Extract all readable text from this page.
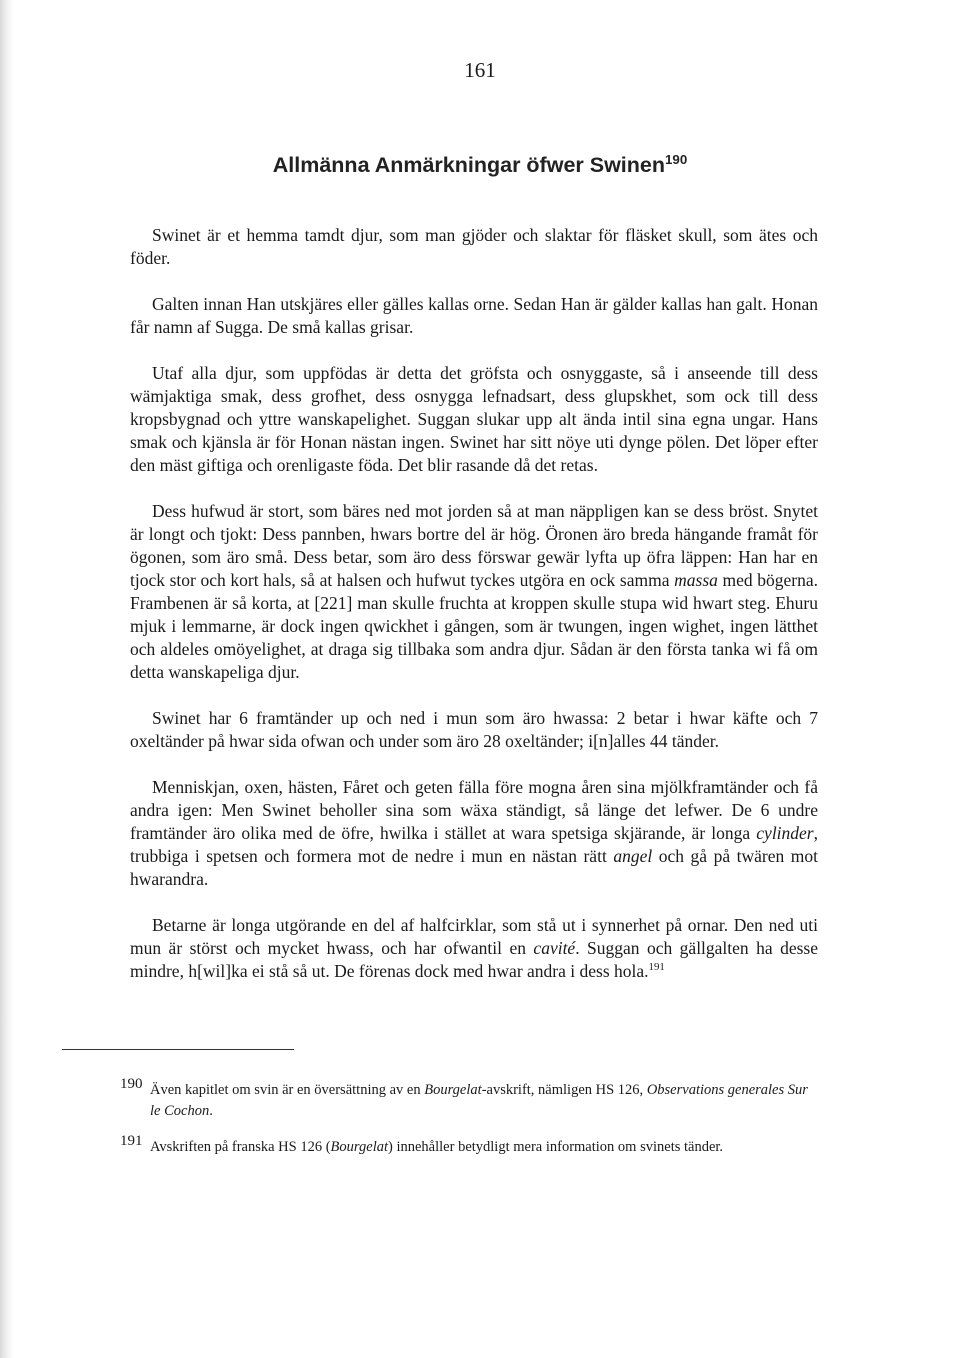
161
Allmänna Anmärkningar öfwer Swinen$^{190}$

Swinet är et hemma tamdt djur, som man gjöder och slaktar för fläsket skull, som ätes och föder.

Galten innan Han utskjäres eller gälles kallas orne. Sedan Han är gälder kallas han galt. Honan får namn af Sugga. De små kallas grisar.

Utaf alla djur, som uppfödas är detta det gröfsta och osnyggaste, så i anseende till dess wämjaktiga smak, dess grofhet, dess osnygga lefnadsart, dess glupskhet, som ock till dess kropsbygnad och yttre wanskapelighet. Suggan slukar upp alt ända intil sina egna ungar. Hans smak och kjänsla är för Honan nästan ingen. Swinet har sitt nöye uti dynge pölen. Det löper efter den mäst giftiga och orenligaste föda. Det blir rasande då det retas.

Dess hufwud är stort, som bäres ned mot jorden så at man näppligen kan se dess bröst. Snytet är longt och tjokt: Dess pannben, hwars bortre del är hög. Öronen äro breda hängande framåt för ögonen, som äro små. Dess betar, som äro dess förswar gewär lyfta up öfra läppen: Han har en tjock stor och kort hals, så at halsen och hufwut tyckes utgöra en ock samma massa med bögerna. Frambenen är så korta, at [221] man skulle fruchta at kroppen skulle stupa wid hwart steg. Ehuru mjuk i lemmarne, är dock ingen qwickhet i gången, som är twungen, ingen wighet, ingen lätthet och aldeles omöyelighet, at draga sig tillbaka som andra djur. Sådan är den första tanka wi få om detta wanskapeliga djur.

Swinet har 6 framtänder up och ned i mun som äro hwassa: 2 betar i hwar käfte och 7 oxeltänder på hwar sida ofwan och under som äro 28 oxeltänder; i[n]alles 44 tänder.

Menniskjan, oxen, hästen, Fåret och geten fälla före mogna åren sina mjölkframtänder och få andra igen: Men Swinet beholler sina som wäxa ständigt, så länge det lefwer. De 6 undre framtänder äro olika med de öfre, hwilka i stället at wara spetsiga skjärande, är longa cylinder, trubbiga i spetsen och formera mot de nedre i mun en nästan rätt angel och gå på twären mot hwarandra.

Betarne är longa utgörande en del af halfcirklar, som stå ut i synnerhet på ornar. Den ned uti mun är störst och mycket hwass, och har ofwantil en cavité. Suggan och gällgalten ha desse mindre, h[wil]ka ei stå så ut. De förenas dock med hwar andra i dess hola.$^{191}$

190 Även kapitlet om svin är en översättning av en Bourgelat-avskrift, nämligen HS 126, Observations generales Sur le Cochon.
191 Avskriften på franska HS 126 (Bourgelat) innehåller betydligt mera information om svinets tänder.
